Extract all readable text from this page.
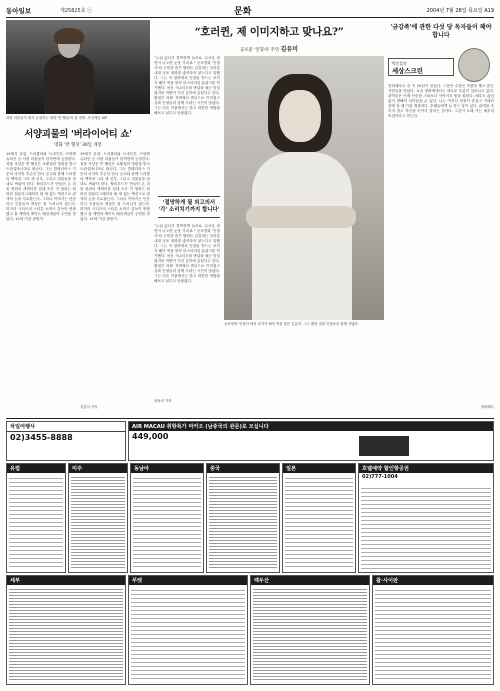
동아일보	제25825호 ⓒ	문화	2004년 7월 28일 목요일 A19
서양 괴물들이 대거 등장하는 영화 '반 헬싱'의 한 장면. 사진제공 UIP
서양괴물의 '버라이어티 쇼'
영화 '반 헬싱' 30일 개봉
19세기 유럽. 드라큘라와 늑대인간, 프랑켄슈타인 등 서양 괴물들이 한꺼번에 등장한다. 괴물 사냥꾼 반 헬싱은 교황청의 명령을 받고 트란실바니아로 떠난다. 그는 발레리어스 가문의 마지막 후손인 안나 공주와 함께 드라큘라 백작과 그의 세 신부, 그리고 괴물들을 상대로 싸워야 한다. 할리우드가 만들어 온 괴물 영화의 캐릭터를 한데 모은 이 영화는 화려한 컴퓨터그래픽과 쉴 새 없는 액션으로 관객의 눈을 사로잡는다. 그러나 이야기는 단순하고 인물들의 개성은 잘 드러나지 않는다. 미이라 시리즈의 스티븐 소머즈 감독이 연출했고 휴 잭맨과 케이트 베킨세일이 주연을 맡았다. 12세 이상 관람가.
19세기 유럽. 드라큘라와 늑대인간, 프랑켄슈타인 등 서양 괴물들이 한꺼번에 등장한다. 괴물 사냥꾼 반 헬싱은 교황청의 명령을 받고 트란실바니아로 떠난다. 그는 발레리어스 가문의 마지막 후손인 안나 공주와 함께 드라큘라 백작과 그의 세 신부, 그리고 괴물들을 상대로 싸워야 한다. 할리우드가 만들어 온 괴물 영화의 캐릭터를 한데 모은 이 영화는 화려한 컴퓨터그래픽과 쉴 새 없는 액션으로 관객의 눈을 사로잡는다. 그러나 이야기는 단순하고 인물들의 개성은 잘 드러나지 않는다. 미이라 시리즈의 스티븐 소머즈 감독이 연출했고 휴 잭맨과 케이트 베킨세일이 주연을 맡았다. 12세 이상 관람가.
김갑식 기자
“호러퀸, 제 이미지하고 맞나요?”
공포물 '인형사' 주연 김유미
“누워 있다가 깜짝깜짝 놀라요. 무서운 장면이 나오면 눈을 가리죠.” 공포영화 '인형사'의 주연을 맡은 탤런트 김유미는 인터뷰 내내 공포 영화를 좋아하지 않는다고 말했다. 그는 이 영화에서 인형을 만드는 조각가 해미 역을 맡아 미스터리한 분위기를 연기했다. 처음 시나리오를 받았을 때는 망설였지만 역할이 가진 깊이에 끌렸다고 한다. 촬영은 외딴 저택에서 밤낮으로 이어졌고 실제 인형들과 함께 지내는 시간이 많았다. 그는 다음 작품에서는 밝고 따뜻한 역할을 해보고 싶다고 덧붙였다.
'절망하게 될 외고의서 '각' 소리치기까지 합니다'
“누워 있다가 깜짝깜짝 놀라요. 무서운 장면이 나오면 눈을 가리죠.” 공포영화 '인형사'의 주연을 맡은 탤런트 김유미는 인터뷰 내내 공포 영화를 좋아하지 않는다고 말했다. 그는 이 영화에서 인형을 만드는 조각가 해미 역을 맡아 미스터리한 분위기를 연기했다. 처음 시나리오를 받았을 때는 망설였지만 역할이 가진 깊이에 끌렸다고 한다. 촬영은 외딴 저택에서 밤낮으로 이어졌고 실제 인형들과 함께 지내는 시간이 많았다. 그는 다음 작품에서는 밝고 따뜻한 역할을 해보고 싶다고 덧붙였다.
공포영화 '인형사'에서 조각가 해미 역을 맡은 김유미. 그는 촬영 내내 인형들과 함께 지냈다.
최용석 기자
'금강족'에 관한 다섯 당 독자들이 해야 합니다
박중훈의
세상스크린
영화배우로 산 지 20년이 넘었다. 그동안 수많은 작품을 했고 많은 사람들을 만났다. 요즘 영화계에서는 새로운 흐름이 일어나고 있다. 관객들은 이제 단순한 스타보다 이야기의 힘을 원한다. 배우도 끊임없이 변해야 살아남을 수 있다. 나는 여전히 현장이 즐겁고 카메라 앞에 설 때 가장 행복하다. 후배들에게 늘 하는 말이 있다. 관객을 속이지 말고 자신을 속이지 말라는 것이다. 그것이 오래 가는 배우의 비결이라고 믿는다.
영화배우
차일여행사
02)3455-8888
AIR MACAU 취항특가 마카오 (남중국의 관문)로 모십니다
449,000
유럽	미주	동남아	중국	일본	호텔예약 할인항공권
02)777-1004
세부	푸켓	백두산	괌·사이판
